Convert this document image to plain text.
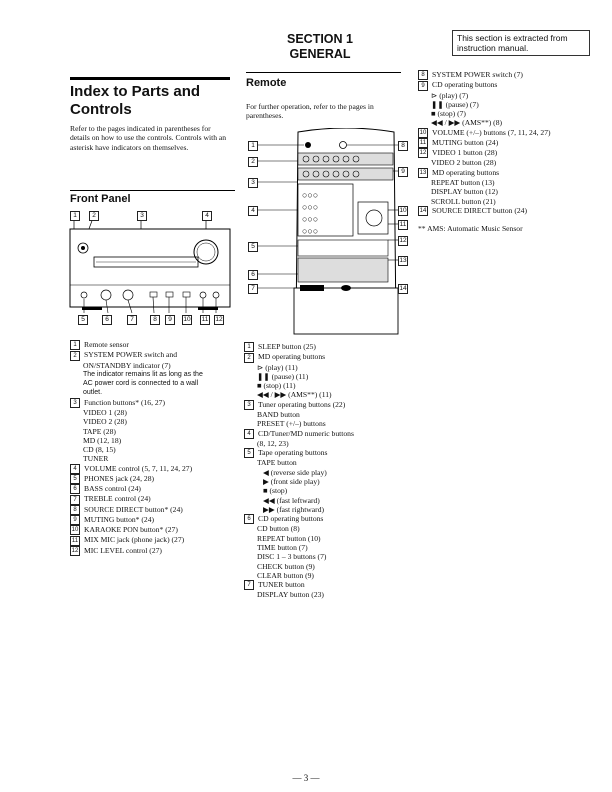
SECTION 1
GENERAL
This section is extracted from instruction manual.
Index to Parts and Controls
Refer to the pages indicated in parentheses for details on how to use the controls. Controls with an asterisk have indicators on themselves.
Front Panel
1	2	3	4
5	6	7	8	9	10 11 12
1 Remote sensor
2 SYSTEM POWER switch and
ON/STANDBY indicator (7)
The indicator remains lit as long as the
AC power cord is connected to a wall
outlet.
3 Function buttons* (16, 27)
VIDEO 1 (28)
VIDEO 2 (28)
TAPE (28)
MD (12, 18)
CD (8, 15)
TUNER
4 VOLUME control (5, 7, 11, 24, 27)
5 PHONES jack (24, 28)
6 BASS control (24)
7 TREBLE control (24)
8 SOURCE DIRECT button* (24)
9 MUTING button* (24)
10 KARAOKE PON button* (27)
11 MIX MIC jack (phone jack) (27)
12 MIC LEVEL control (27)
Remote
For further operation, refer to the pages in parentheses.
○○○
○○○
○○○
○○○
1
2
3
4
5
6
7
8
9
10
11
12
13
14
1 SLEEP button (25)
2 MD operating buttons
⊳ (play) (11)
❚❚ (pause) (11)
■ (stop) (11)
◀◀ / ▶▶ (AMS**) (11)
3 Tuner operating buttons (22)
BAND button
PRESET (+/–) buttons
4 CD/Tuner/MD numeric buttons
(8, 12, 23)
5 Tape operating buttons
TAPE button
◀ (reverse side play)
▶ (front side play)
■ (stop)
◀◀ (fast leftward)
▶▶ (fast rightward)
6 CD operating buttons
CD button (8)
REPEAT button (10)
TIME button (7)
DISC 1 – 3 buttons (7)
CHECK button (9)
CLEAR button (9)
7 TUNER button
DISPLAY button (23)
8 SYSTEM POWER switch (7)
9 CD operating buttons
⊳ (play) (7)
❚❚ (pause) (7)
■ (stop) (7)
◀◀ / ▶▶ (AMS**) (8)
10 VOLUME (+/–) buttons (7, 11, 24, 27)
11 MUTING button (24)
12 VIDEO 1 button (28)
VIDEO 2 button (28)
13 MD operating buttons
REPEAT button (13)
DISPLAY button (12)
SCROLL button (21)
14 SOURCE DIRECT button (24)
** AMS: Automatic Music Sensor
— 3 —
